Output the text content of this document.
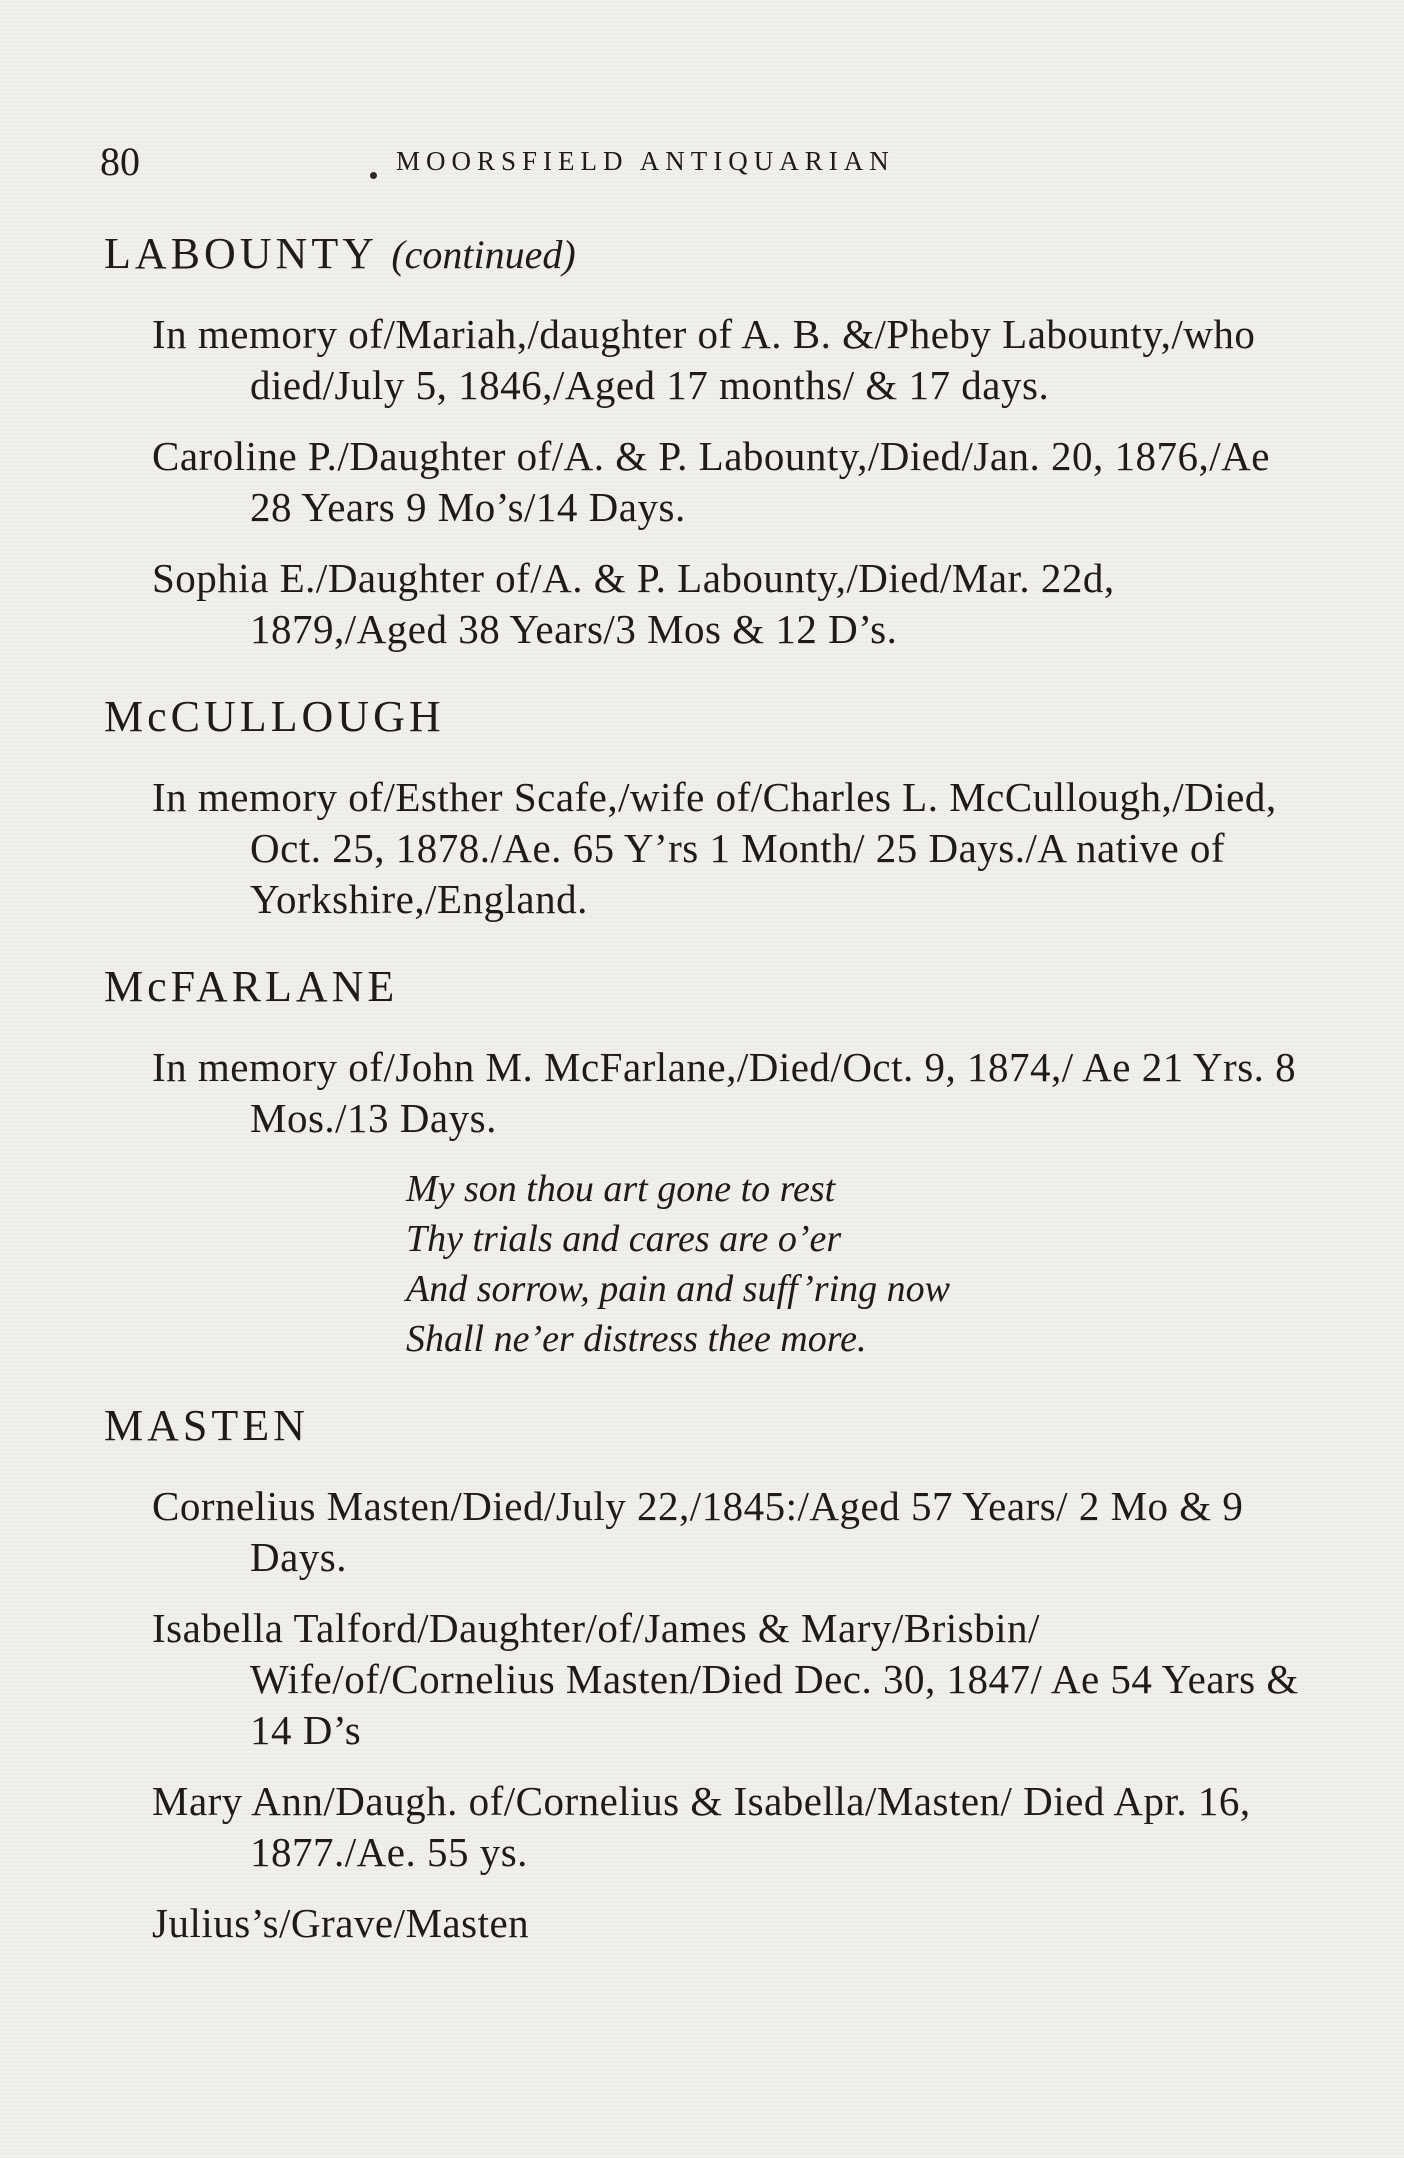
80	MOORSFIELD ANTIQUARIAN
LABOUNTY (continued)

In memory of/Mariah,/daughter of A. B. &/Pheby Labounty,/who died/July 5, 1846,/Aged 17 months/ & 17 days.

Caroline P./Daughter of/A. & P. Labounty,/Died/Jan. 20, 1876,/Ae 28 Years 9 Mo’s/14 Days.

Sophia E./Daughter of/A. & P. Labounty,/Died/Mar. 22d, 1879,/Aged 38 Years/3 Mos & 12 D’s.

McCULLOUGH

In memory of/Esther Scafe,/wife of/Charles L. McCullough,/Died, Oct. 25, 1878./Ae. 65 Y’rs 1 Month/ 25 Days./A native of Yorkshire,/England.

McFARLANE

In memory of/John M. McFarlane,/Died/Oct. 9, 1874,/ Ae 21 Yrs. 8 Mos./13 Days.

My son thou art gone to rest
Thy trials and cares are o’er
And sorrow, pain and suff’ring now
Shall ne’er distress thee more.
MASTEN

Cornelius Masten/Died/July 22,/1845:/Aged 57 Years/ 2 Mo & 9 Days.

Isabella Talford/Daughter/of/James & Mary/Brisbin/ Wife/of/Cornelius Masten/Died Dec. 30, 1847/ Ae 54 Years & 14 D’s

Mary Ann/Daugh. of/Cornelius & Isabella/Masten/ Died Apr. 16, 1877./Ae. 55 ys.

Julius’s/Grave/Masten
